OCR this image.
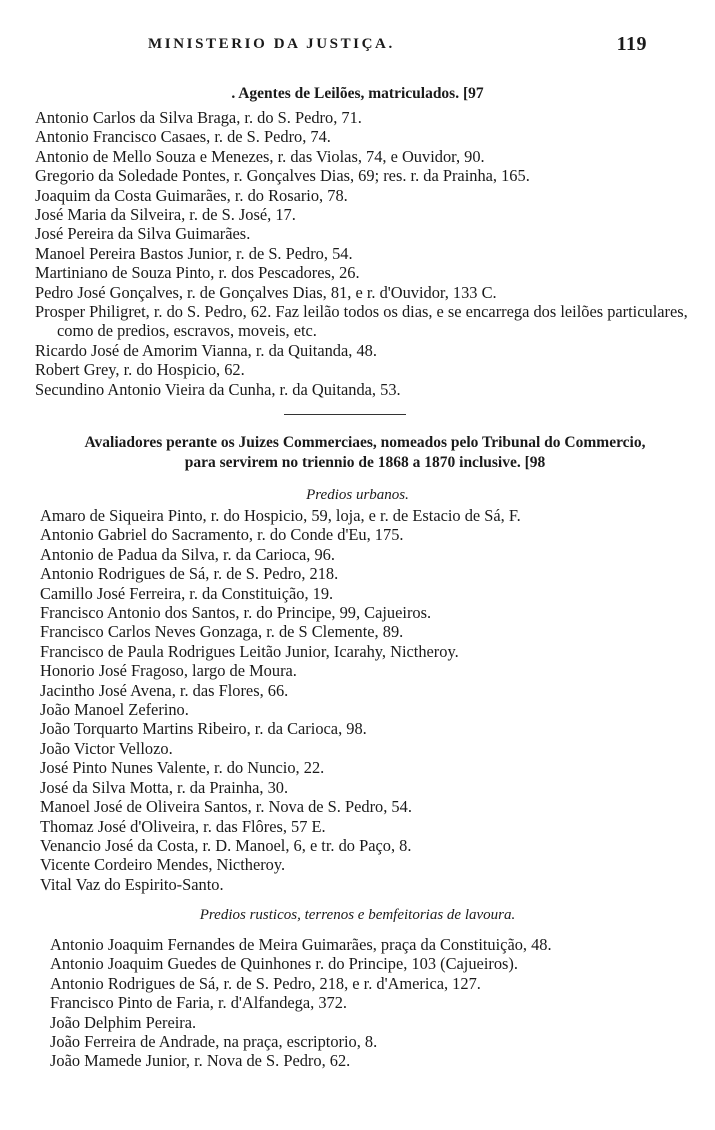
MINISTERIO DA JUSTIÇA.	119

. Agentes de Leilões, matriculados. [97

Antonio Carlos da Silva Braga, r. do S. Pedro, 71.
Antonio Francisco Casaes, r. de S. Pedro, 74.
Antonio de Mello Souza e Menezes, r. das Violas, 74, e Ouvidor, 90.
Gregorio da Soledade Pontes, r. Gonçalves Dias, 69; res. r. da Prainha, 165.
Joaquim da Costa Guimarães, r. do Rosario, 78.
José Maria da Silveira, r. de S. José, 17.
José Pereira da Silva Guimarães.
Manoel Pereira Bastos Junior, r. de S. Pedro, 54.
Martiniano de Souza Pinto, r. dos Pescadores, 26.
Pedro José Gonçalves, r. de Gonçalves Dias, 81, e r. d'Ouvidor, 133 C.
Prosper Philigret, r. do S. Pedro, 62. Faz leilão todos os dias, e se encarrega dos leilões particulares, como de predios, escravos, moveis, etc.
Ricardo José de Amorim Vianna, r. da Quitanda, 48.
Robert Grey, r. do Hospicio, 62.
Secundino Antonio Vieira da Cunha, r. da Quitanda, 53.

Avaliadores perante os Juizes Commerciaes, nomeados pelo Tribunal do Commercio,

para servirem no triennio de 1868 a 1870 inclusive. [98

Predios urbanos.

Amaro de Siqueira Pinto, r. do Hospicio, 59, loja, e r. de Estacio de Sá, F.
Antonio Gabriel do Sacramento, r. do Conde d'Eu, 175.
Antonio de Padua da Silva, r. da Carioca, 96.
Antonio Rodrigues de Sá, r. de S. Pedro, 218.
Camillo José Ferreira, r. da Constituição, 19.
Francisco Antonio dos Santos, r. do Principe, 99, Cajueiros.
Francisco Carlos Neves Gonzaga, r. de S Clemente, 89.
Francisco de Paula Rodrigues Leitão Junior, Icarahy, Nictheroy.
Honorio José Fragoso, largo de Moura.
Jacintho José Avena, r. das Flores, 66.
João Manoel Zeferino.
João Torquarto Martins Ribeiro, r. da Carioca, 98.
João Victor Vellozo.
José Pinto Nunes Valente, r. do Nuncio, 22.
José da Silva Motta, r. da Prainha, 30.
Manoel José de Oliveira Santos, r. Nova de S. Pedro, 54.
Thomaz José d'Oliveira, r. das Flôres, 57 E.
Venancio José da Costa, r. D. Manoel, 6, e tr. do Paço, 8.
Vicente Cordeiro Mendes, Nictheroy.
Vital Vaz do Espirito-Santo.

Predios rusticos, terrenos e bemfeitorias de lavoura.

Antonio Joaquim Fernandes de Meira Guimarães, praça da Constituição, 48.
Antonio Joaquim Guedes de Quinhones r. do Principe, 103 (Cajueiros).
Antonio Rodrigues de Sá, r. de S. Pedro, 218, e r. d'America, 127.
Francisco Pinto de Faria, r. d'Alfandega, 372.
João Delphim Pereira.
João Ferreira de Andrade, na praça, escriptorio, 8.
João Mamede Junior, r. Nova de S. Pedro, 62.
